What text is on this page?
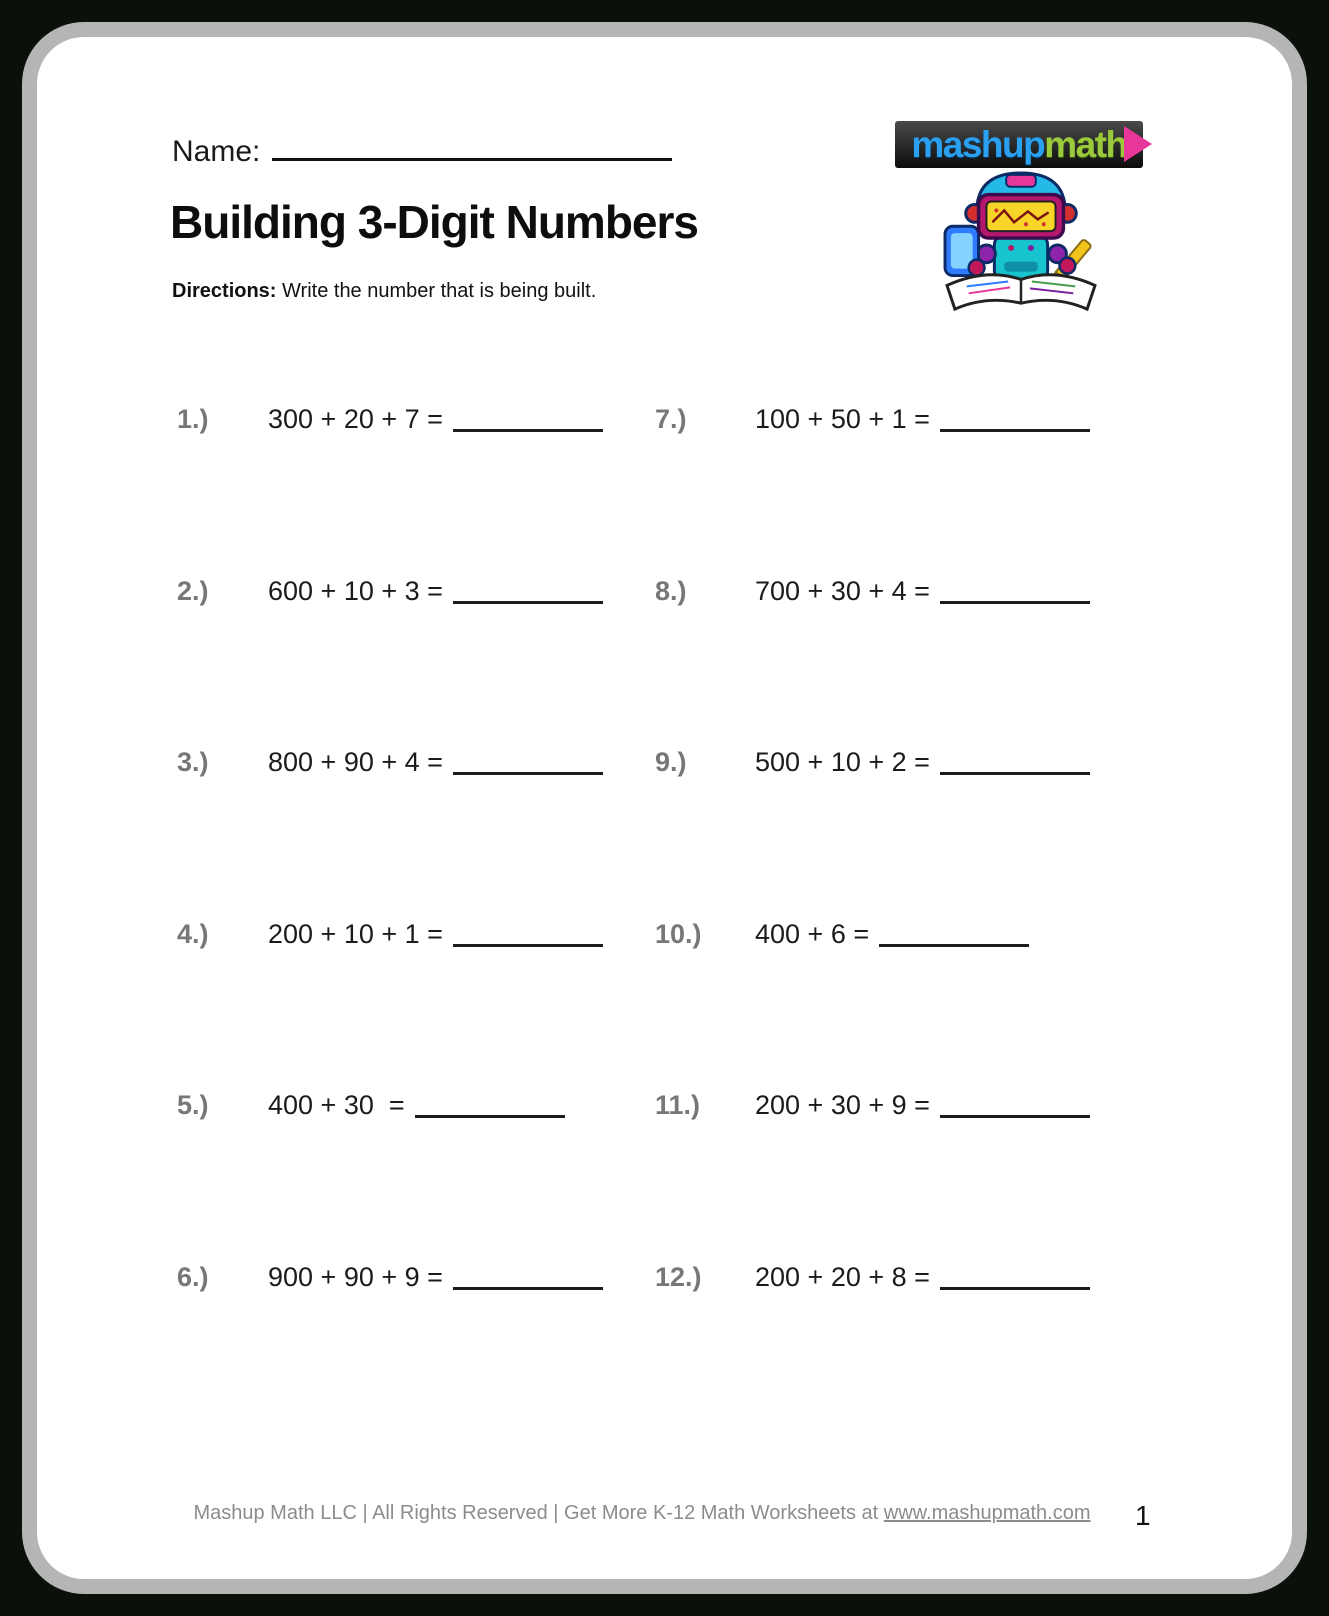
Name:
Building 3-Digit Numbers

Directions: Write the number that is being built.

mashup math
1.)	300 + 20 + 7 =
2.)	600 + 10 + 3 =
3.)	800 + 90 + 4 =
4.)	200 + 10 + 1 =
5.)	400 + 30  =
6.)	900 + 90 + 9 =
7.)	100 + 50 + 1 =
8.)	700 + 30 + 4 =
9.)	500 + 10 + 2 =
10.)	400 + 6 =
11.)	200 + 30 + 9 =
12.)	200 + 20 + 8 =
Mashup Math LLC | All Rights Reserved | Get More K-12 Math Worksheets at www.mashupmath.com	1
